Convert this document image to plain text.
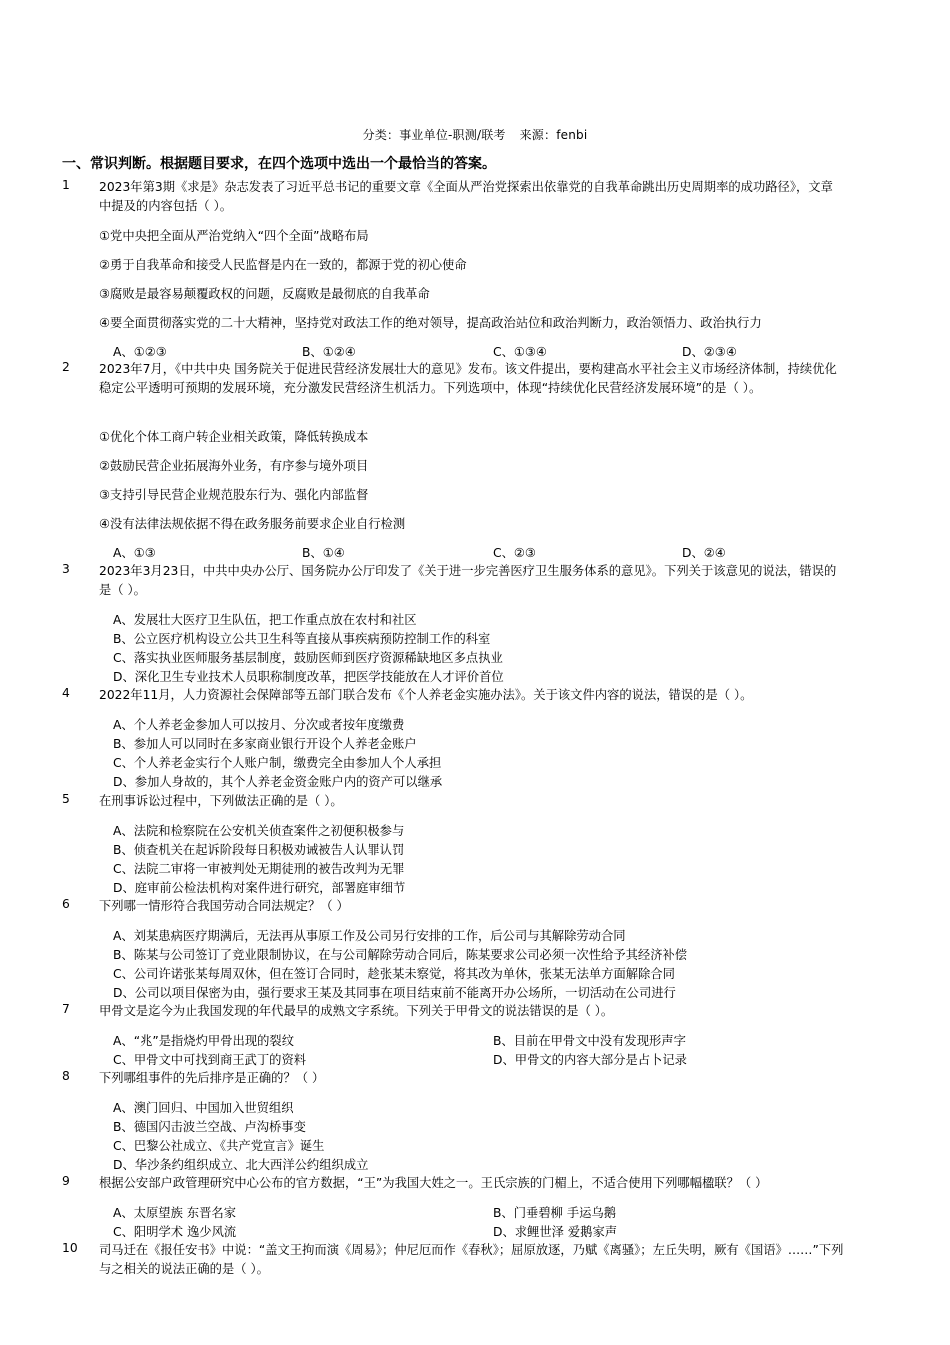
分类：事业单位-职测/联考 来源：fenbi
一、常识判断。根据题目要求，在四个选项中选出一个最恰当的答案。
1 2023年第3期《求是》杂志发表了习近平总书记的重要文章《全面从严治党探索出依靠党的自我革命跳出历史周期率的成功路径》，文章中提及的内容包括（ ）。
①党中央把全面从严治党纳入“四个全面”战略布局
②勇于自我革命和接受人民监督是内在一致的，都源于党的初心使命
③腐败是最容易颠覆政权的问题，反腐败是最彻底的自我革命
④要全面贯彻落实党的二十大精神，坚持党对政法工作的绝对领导，提高政治站位和政治判断力，政治领悟力、政治执行力
A、①②③	B、①②④	C、①③④	D、②③④
2 2023年7月，《中共中央 国务院关于促进民营经济发展壮大的意见》发布。该文件提出，要构建高水平社会主义市场经济体制，持续优化稳定公平透明可预期的发展环境，充分激发民营经济生机活力。下列选项中，体现“持续优化民营经济发展环境”的是（ ）。
①优化个体工商户转企业相关政策，降低转换成本
②鼓励民营企业拓展海外业务，有序参与境外项目
③支持引导民营企业规范股东行为、强化内部监督
④没有法律法规依据不得在政务服务前要求企业自行检测
A、①③	B、①④	C、②③	D、②④
3 2023年3月23日，中共中央办公厅、国务院办公厅印发了《关于进一步完善医疗卫生服务体系的意见》。下列关于该意见的说法，错误的是（ ）。
A、发展壮大医疗卫生队伍，把工作重点放在农村和社区
B、公立医疗机构设立公共卫生科等直接从事疾病预防控制工作的科室
C、落实执业医师服务基层制度，鼓励医师到医疗资源稀缺地区多点执业
D、深化卫生专业技术人员职称制度改革，把医学技能放在人才评价首位
4 2022年11月，人力资源社会保障部等五部门联合发布《个人养老金实施办法》。关于该文件内容的说法，错误的是（ ）。
A、个人养老金参加人可以按月、分次或者按年度缴费
B、参加人可以同时在多家商业银行开设个人养老金账户
C、个人养老金实行个人账户制，缴费完全由参加人个人承担
D、参加人身故的，其个人养老金资金账户内的资产可以继承
5 在刑事诉讼过程中，下列做法正确的是（ ）。
A、法院和检察院在公安机关侦查案件之初便积极参与
B、侦查机关在起诉阶段每日积极劝诫被告人认罪认罚
C、法院二审将一审被判处无期徒刑的被告改判为无罪
D、庭审前公检法机构对案件进行研究，部署庭审细节
6 下列哪一情形符合我国劳动合同法规定？（ ）
A、刘某患病医疗期满后，无法再从事原工作及公司另行安排的工作，后公司与其解除劳动合同
B、陈某与公司签订了竞业限制协议，在与公司解除劳动合同后，陈某要求公司必须一次性给予其经济补偿
C、公司许诺张某每周双休，但在签订合同时，趁张某未察觉，将其改为单休，张某无法单方面解除合同
D、公司以项目保密为由，强行要求王某及其同事在项目结束前不能离开办公场所，一切活动在公司进行
7 甲骨文是迄今为止我国发现的年代最早的成熟文字系统。下列关于甲骨文的说法错误的是（ ）。
A、“兆”是指烧灼甲骨出现的裂纹	B、目前在甲骨文中没有发现形声字
C、甲骨文中可找到商王武丁的资料	D、甲骨文的内容大部分是占卜记录
8 下列哪组事件的先后排序是正确的？（ ）
A、澳门回归、中国加入世贸组织
B、德国闪击波兰空战、卢沟桥事变
C、巴黎公社成立、《共产党宣言》诞生
D、华沙条约组织成立、北大西洋公约组织成立
9 根据公安部户政管理研究中心公布的官方数据，“王”为我国大姓之一。王氏宗族的门楣上，不适合使用下列哪幅楹联？（ ）
A、太原望族 东晋名家	B、门垂碧柳 手运乌鹅
C、阳明学术 逸少风流	D、求鲤世泽 爱鹅家声
10 司马迁在《报任安书》中说：“盖文王拘而演《周易》；仲尼厄而作《春秋》；屈原放逐，乃赋《离骚》；左丘失明，厥有《国语》……”下列与之相关的说法正确的是（ ）。
